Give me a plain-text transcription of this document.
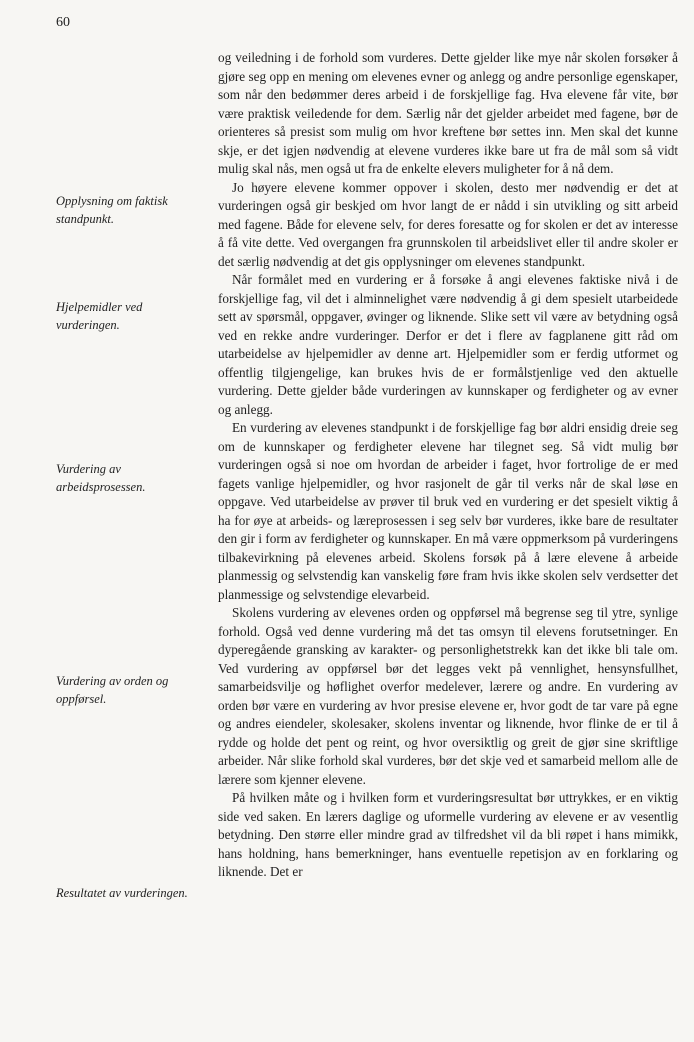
60

Opplysning om faktisk standpunkt.

Hjelpemidler ved vurderingen.

Vurdering av arbeidsprosessen.

Vurdering av orden og oppførsel.

Resultatet av vurderingen.

og veiledning i de forhold som vurderes. Dette gjelder like mye når skolen forsøker å gjøre seg opp en mening om elevenes evner og anlegg og andre personlige egenskaper, som når den bedømmer deres arbeid i de forskjellige fag. Hva elevene får vite, bør være praktisk veiledende for dem. Særlig når det gjelder arbeidet med fagene, bør de orienteres så presist som mulig om hvor kreftene bør settes inn. Men skal det kunne skje, er det igjen nødvendig at elevene vurderes ikke bare ut fra de mål som så vidt mulig skal nås, men også ut fra de enkelte elevers muligheter for å nå dem.

Jo høyere elevene kommer oppover i skolen, desto mer nødvendig er det at vurderingen også gir beskjed om hvor langt de er nådd i sin utvikling og sitt arbeid med fagene. Både for elevene selv, for deres foresatte og for skolen er det av interesse å få vite dette. Ved overgangen fra grunnskolen til arbeidslivet eller til andre skoler er det særlig nødvendig at det gis opplysninger om elevenes standpunkt.

Når formålet med en vurdering er å forsøke å angi elevenes faktiske nivå i de forskjellige fag, vil det i alminnelighet være nødvendig å gi dem spesielt utarbeidede sett av spørsmål, oppgaver, øvinger og liknende. Slike sett vil være av betydning også ved en rekke andre vurderinger. Derfor er det i flere av fagplanene gitt råd om utarbeidelse av hjelpemidler av denne art. Hjelpemidler som er ferdig utformet og offentlig tilgjengelige, kan brukes hvis de er formålstjenlige ved den aktuelle vurdering. Dette gjelder både vurderingen av kunnskaper og ferdigheter og av evner og anlegg.

En vurdering av elevenes standpunkt i de forskjellige fag bør aldri ensidig dreie seg om de kunnskaper og ferdigheter elevene har tilegnet seg. Så vidt mulig bør vurderingen også si noe om hvordan de arbeider i faget, hvor fortrolige de er med fagets vanlige hjelpemidler, og hvor rasjonelt de går til verks når de skal løse en oppgave. Ved utarbeidelse av prøver til bruk ved en vurdering er det spesielt viktig å ha for øye at arbeids- og læreprosessen i seg selv bør vurderes, ikke bare de resultater den gir i form av ferdigheter og kunnskaper. En må være oppmerksom på vurderingens tilbakevirkning på elevenes arbeid. Skolens forsøk på å lære elevene å arbeide planmessig og selvstendig kan vanskelig føre fram hvis ikke skolen selv verdsetter det planmessige og selvstendige elevarbeid.

Skolens vurdering av elevenes orden og oppførsel må begrense seg til ytre, synlige forhold. Også ved denne vurdering må det tas omsyn til elevens forutsetninger. En dyperegående gransking av karakter- og personlighetstrekk kan det ikke bli tale om. Ved vurdering av oppførsel bør det legges vekt på vennlighet, hensynsfullhet, samarbeidsvilje og høflighet overfor medelever, lærere og andre. En vurdering av orden bør være en vurdering av hvor presise elevene er, hvor godt de tar vare på egne og andres eiendeler, skolesaker, skolens inventar og liknende, hvor flinke de er til å rydde og holde det pent og reint, og hvor oversiktlig og greit de gjør sine skriftlige arbeider. Når slike forhold skal vurderes, bør det skje ved et samarbeid mellom alle de lærere som kjenner elevene.

På hvilken måte og i hvilken form et vurderingsresultat bør uttrykkes, er en viktig side ved saken. En lærers daglige og uformelle vurdering av elevene er av vesentlig betydning. Den større eller mindre grad av tilfredshet vil da bli røpet i hans mimikk, hans holdning, hans bemerkninger, hans eventuelle repetisjon av en forklaring og liknende. Det er
